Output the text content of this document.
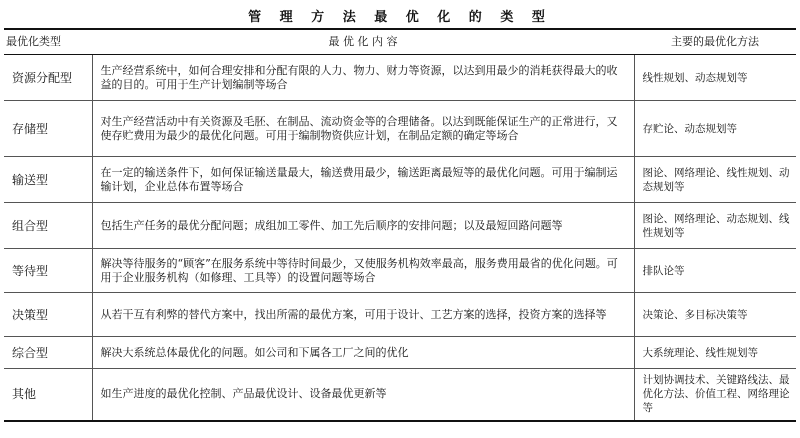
管 理 方 法 最 优 化 的 类 型
最优化类型	最 优 化 内 容	主要的最优化方法
资源分配型	生产经营系统中，如何合理安排和分配有限的人力、物力、财力等资源，以达到用最少的消耗获得最大的收益的目的。可用于生产计划编制等场合	线性规划、动态规划等
存储型	对生产经营活动中有关资源及毛胚、在制品、流动资金等的合理储备。以达到既能保证生产的正常进行，又使存贮费用为最少的最优化问题。可用于编制物资供应计划，在制品定额的确定等场合	存贮论、动态规划等
输送型	在一定的输送条件下，如何保证输送量最大，输送费用最少，输送距离最短等的最优化问题。可用于编制运输计划，企业总体布置等场合	图论、网络理论、线性规划、动态规划等
组合型	包括生产任务的最优分配问题；成组加工零件、加工先后顺序的安排问题；以及最短回路问题等	图论、网络理论、动态规划、线性规划等
等待型	解决等待服务的“顾客”在服务系统中等待时间最少，又使服务机构效率最高，服务费用最省的优化问题。可用于企业服务机构（如修理、工具等）的设置问题等场合	排队论等
决策型	从若干互有利弊的替代方案中，找出所需的最优方案，可用于设计、工艺方案的选择，投资方案的选择等	决策论、多目标决策等
综合型	解决大系统总体最优化的问题。如公司和下属各工厂之间的优化	大系统理论、线性规划等
其他	如生产进度的最优化控制、产品最优设计、设备最优更新等	计划协调技术、关键路线法、最优化方法、价值工程、网络理论等
